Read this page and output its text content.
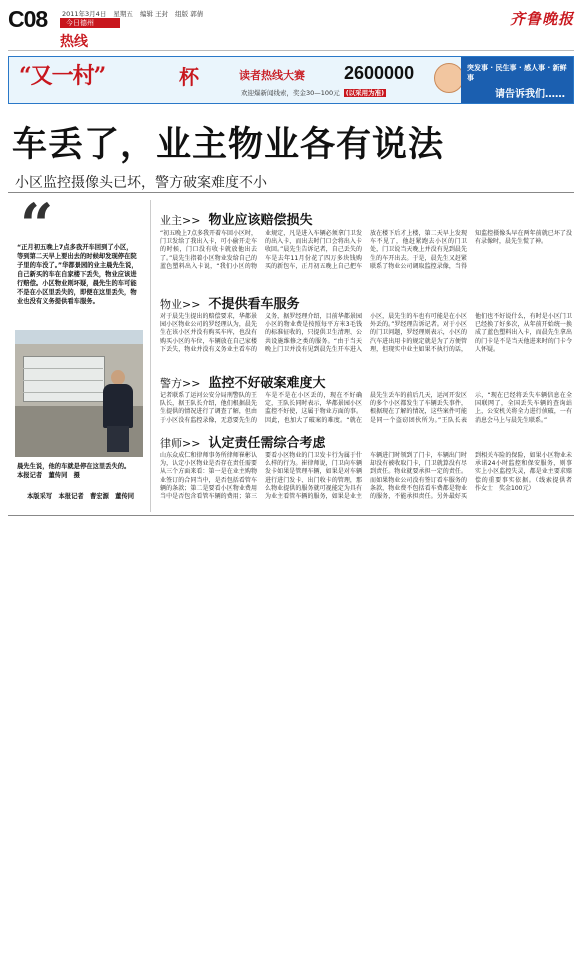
C08 2011年3月4日 星期五 编辑 王封 组版 郭倩
今日德州
热线
齐鲁晚报
“又一村”	杯	读者热线大赛 2600000
欢迎爆新闻线索，奖金30—100元 (以采用为准)
突发事 · 民生事 · 感人事 · 新鲜事
请告诉我们……
车丢了，业主物业各有说法
小区监控摄像头已坏，警方破案难度不小
“
“正月初五晚上7点多我开车回到了小区，等到第二天早上要出去的时候却发现停在院子里的车没了。”华都景园的业主晨先生说，自己新买的车在自家楼下丢失，物业应该进行赔偿。小区物业则坏疑，晨先生的车可能不是在小区里丢失的，即便在这里丢失，物业也没有义务提供看车服务。
晨先生说，他的车就是停在这里丢失的。　　本报记者　董传同　摄
本版采写　本报记者　曹宏源　董传同
业主>> 物业应该赔偿损失
“初五晚上7点多我开着车回小区时，门卫发给了我出入卡，可小偷开走车的时候，门口没有收卡就放他出去了。”晨先生指着小区物业发给自己的蓝色塑料出入卡说，“我们小区的物业规定，凡是进入车辆必须拿门卫发的出入卡，而出去时门口会将出入卡收回。”晨先生告诉记者，自己丢失的车是去年11月份花了四万多块钱购买的新包车，正月初五晚上自己把车放在楼下后才上楼，第二天早上发现车不见了，他赶紧跑去小区的门卫处，门卫说当天晚上并没有见到晨先生的车开出去。于是，晨先生又赶紧联系了物业公司调取监控录像，当得知监控摄像头早在两年前就已坏了没有录像时，晨先生慌了神。
物业>> 不提供看车服务
对于晨先生提出的赔偿要求，华都景园小区物业公司的罗经理认为，晨先生在该小区并没有购买车库，也没有购买小区的车位，车辆放在自己家楼下丢失，物业并没有义务业主看车的义务，据罗经理介绍，目前华都景园小区的物业费是按照每平方米3毛钱的标准征收的，只提供卫生清理、公共设施维修之类的服务。“由于当天晚上门卫并没有见到晨先生开车进入小区，晨先生的车也有可能是在小区外丢的。”罗经理告诉记者。对于小区的门卫问题，罗经理则表示，小区的汽车进出用卡的规定就是为了方便管理，但现实中业主如果不执行的话，他们也不好说什么，有时是小区门卫已经换了好多次，从年前开始统一换成了蓝色塑料出入卡，而晨先生拿出的门卡是不是当天他进来时的门卡令人怀疑。
警方>> 监控不好破案难度大
记者联系了运河公安分局刑警队的王队长，据王队长介绍，他们根据晨先生提供的情况进行了调查了解，但由于小区没有监控录像，无意要先生的车是不是在小区丢的，现在不好确定，王队长同时表示，华都景园小区监控不好使，这属于物业方面的事。因此，也加大了破案的难度。“就在晨先生丢车的前后几天，运河开发区的多个小区都发生了车辆丢失事件，根据现在了解的情况，这些案件可能是同一个盗窃团伙所为。”王队长表示，“现在已经将丢失车辆信息在全国联网了，全国丢失车辆的查询站上，公安机关将全力进行侦破，一有消息会马上与晨先生联系。”
律师>> 认定责任需综合考虑
山东众成仁和律师事务所律师崔彬认为，认定小区物业是否存在责任需要从三个方面来看：第一是在业主购物业签订的合同当中，是否包括看管车辆的条款；第二是要看小区物业费用当中是否包含看管车辆的费用；第三要看小区物业的门卫发卡行为属于什么样的行为。崔律师说，门卫向车辆发卡如果是管理车辆，如果是对车辆进行进门发卡、出门收卡的管理，那么物业提供的服务就可视能定为具有为业主看管车辆的服务，如果是业主车辆进门时领到了门卡，车辆出门时却没有被收取门卡，门卫就算没有尽到责任。物业就要承担一定的责任。而如果物业公司没有签订看车服务的条款，物业费不包括看车费都是物业的服务，不能承担责任。另外最好买到相关车险的保险，如果小区物业未承诺24小时监控和保安服务，则事实上小区监控失灵，都是业主要求赔偿的重要事实依据。（线索提供者　作女士　奖金100元）
